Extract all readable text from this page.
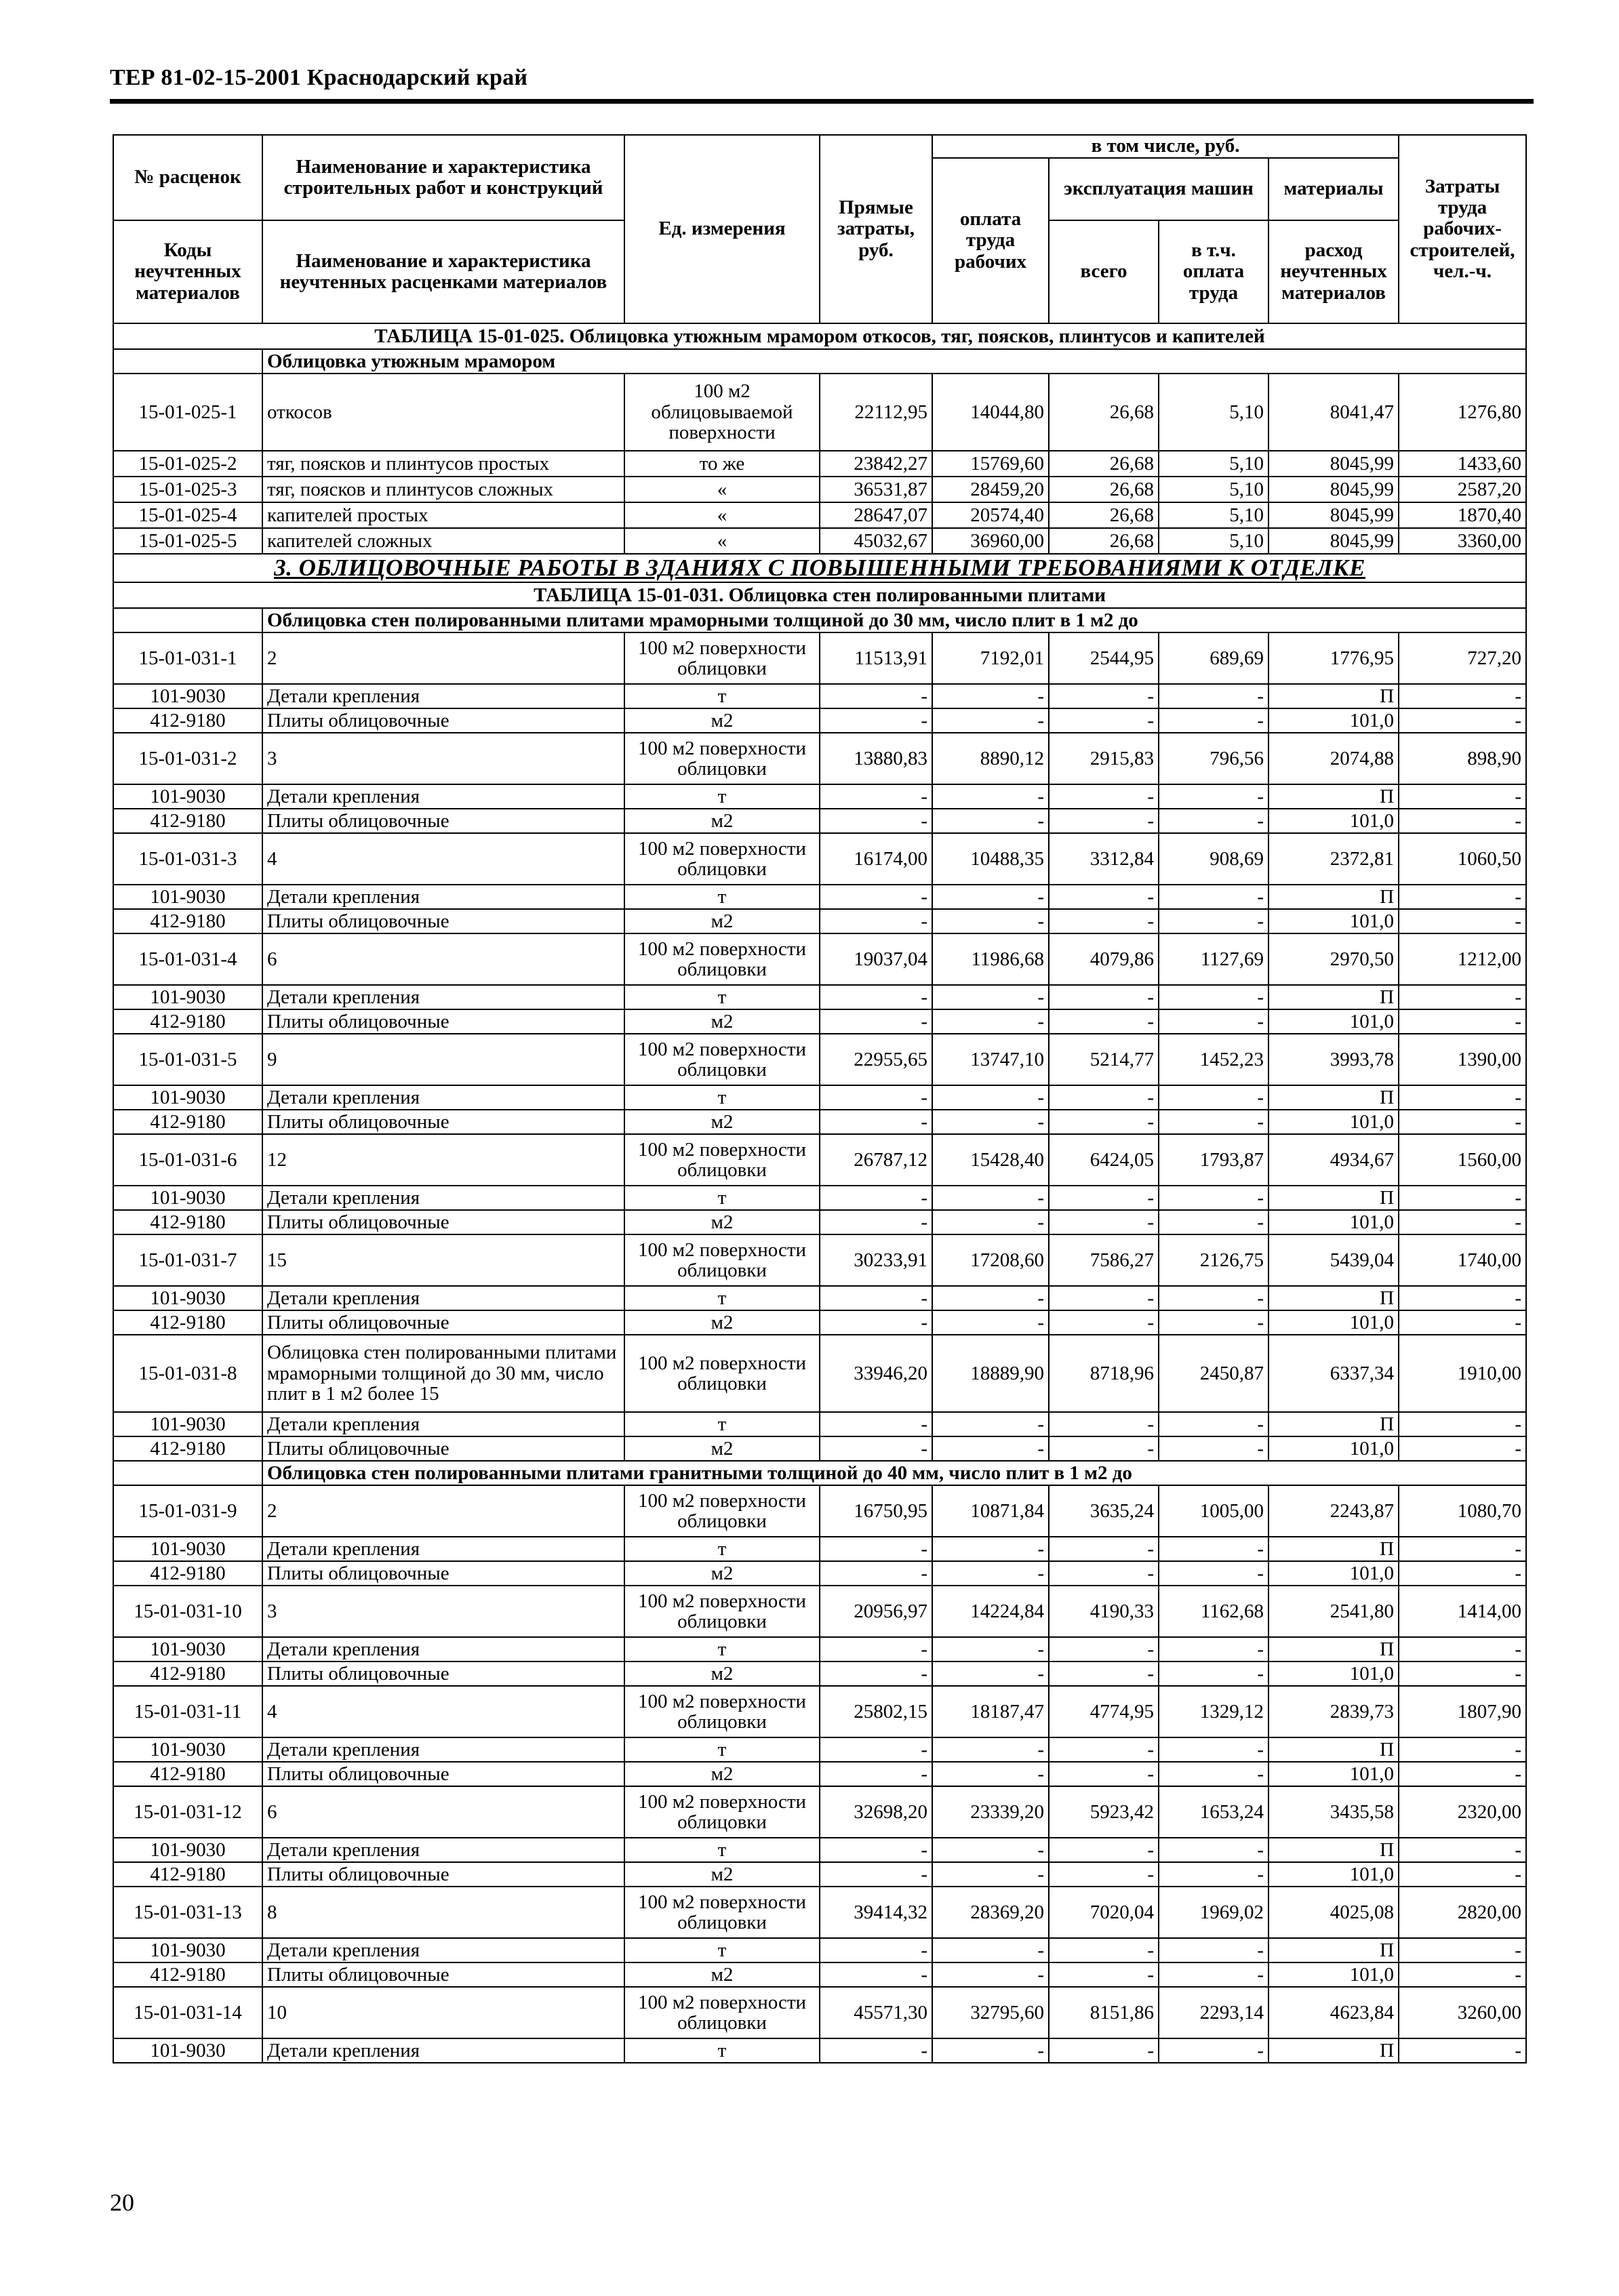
ТЕР 81-02-15-2001 Краснодарский край
№ расценок	Наименование и характеристика строительных работ и конструкций	Ед. измерения	Прямые затраты, руб.	в том числе, руб.				Затраты труда рабочих-строителей, чел.-ч.
				оплата труда рабочих	эксплуатация машин		материалы	

Коды неучтенных материалов	Наименование и характеристика неучтенных расценками материалов				всего	в т.ч. оплата труда	расход неучтенных материалов	

ТАБЛИЦА 15-01-025. Облицовка утюжным мрамором откосов, тяг, поясков, плинтусов и капителей								
	Облицовка утюжным мрамором							
15-01-025-1	откосов	100 м2 облицовываемой поверхности	22112,95	14044,80	26,68	5,10	8041,47	1276,80
15-01-025-2	тяг, поясков и плинтусов простых	то же	23842,27	15769,60	26,68	5,10	8045,99	1433,60
15-01-025-3	тяг, поясков и плинтусов сложных	«	36531,87	28459,20	26,68	5,10	8045,99	2587,20
15-01-025-4	капителей простых	«	28647,07	20574,40	26,68	5,10	8045,99	1870,40
15-01-025-5	капителей сложных	«	45032,67	36960,00	26,68	5,10	8045,99	3360,00
3. ОБЛИЦОВОЧНЫЕ РАБОТЫ В ЗДАНИЯХ С ПОВЫШЕННЫМИ ТРЕБОВАНИЯМИ К ОТДЕЛКЕ								
ТАБЛИЦА 15-01-031. Облицовка стен полированными плитами								
	Облицовка стен полированными плитами мраморными толщиной до 30 мм, число плит в 1 м2 до							
15-01-031-1	2	100 м2 поверхности облицовки	11513,91	7192,01	2544,95	689,69	1776,95	727,20
101-9030	Детали крепления	т	-	-	-	-	П	-
412-9180	Плиты облицовочные	м2	-	-	-	-	101,0	-
15-01-031-2	3	100 м2 поверхности облицовки	13880,83	8890,12	2915,83	796,56	2074,88	898,90
101-9030	Детали крепления	т	-	-	-	-	П	-
412-9180	Плиты облицовочные	м2	-	-	-	-	101,0	-
15-01-031-3	4	100 м2 поверхности облицовки	16174,00	10488,35	3312,84	908,69	2372,81	1060,50
101-9030	Детали крепления	т	-	-	-	-	П	-
412-9180	Плиты облицовочные	м2	-	-	-	-	101,0	-
15-01-031-4	6	100 м2 поверхности облицовки	19037,04	11986,68	4079,86	1127,69	2970,50	1212,00
101-9030	Детали крепления	т	-	-	-	-	П	-
412-9180	Плиты облицовочные	м2	-	-	-	-	101,0	-
15-01-031-5	9	100 м2 поверхности облицовки	22955,65	13747,10	5214,77	1452,23	3993,78	1390,00
101-9030	Детали крепления	т	-	-	-	-	П	-
412-9180	Плиты облицовочные	м2	-	-	-	-	101,0	-
15-01-031-6	12	100 м2 поверхности облицовки	26787,12	15428,40	6424,05	1793,87	4934,67	1560,00
101-9030	Детали крепления	т	-	-	-	-	П	-
412-9180	Плиты облицовочные	м2	-	-	-	-	101,0	-
15-01-031-7	15	100 м2 поверхности облицовки	30233,91	17208,60	7586,27	2126,75	5439,04	1740,00
101-9030	Детали крепления	т	-	-	-	-	П	-
412-9180	Плиты облицовочные	м2	-	-	-	-	101,0	-
15-01-031-8	Облицовка стен полированными плитами мраморными толщиной до 30 мм, число плит в 1 м2 более 15	100 м2 поверхности облицовки	33946,20	18889,90	8718,96	2450,87	6337,34	1910,00
101-9030	Детали крепления	т	-	-	-	-	П	-
412-9180	Плиты облицовочные	м2	-	-	-	-	101,0	-
	Облицовка стен полированными плитами гранитными толщиной до 40 мм, число плит в 1 м2 до							
15-01-031-9	2	100 м2 поверхности облицовки	16750,95	10871,84	3635,24	1005,00	2243,87	1080,70
101-9030	Детали крепления	т	-	-	-	-	П	-
412-9180	Плиты облицовочные	м2	-	-	-	-	101,0	-
15-01-031-10	3	100 м2 поверхности облицовки	20956,97	14224,84	4190,33	1162,68	2541,80	1414,00
101-9030	Детали крепления	т	-	-	-	-	П	-
412-9180	Плиты облицовочные	м2	-	-	-	-	101,0	-
15-01-031-11	4	100 м2 поверхности облицовки	25802,15	18187,47	4774,95	1329,12	2839,73	1807,90
101-9030	Детали крепления	т	-	-	-	-	П	-
412-9180	Плиты облицовочные	м2	-	-	-	-	101,0	-
15-01-031-12	6	100 м2 поверхности облицовки	32698,20	23339,20	5923,42	1653,24	3435,58	2320,00
101-9030	Детали крепления	т	-	-	-	-	П	-
412-9180	Плиты облицовочные	м2	-	-	-	-	101,0	-
15-01-031-13	8	100 м2 поверхности облицовки	39414,32	28369,20	7020,04	1969,02	4025,08	2820,00
101-9030	Детали крепления	т	-	-	-	-	П	-
412-9180	Плиты облицовочные	м2	-	-	-	-	101,0	-
15-01-031-14	10	100 м2 поверхности облицовки	45571,30	32795,60	8151,86	2293,14	4623,84	3260,00
101-9030	Детали крепления	т	-	-	-	-	П	-
20
